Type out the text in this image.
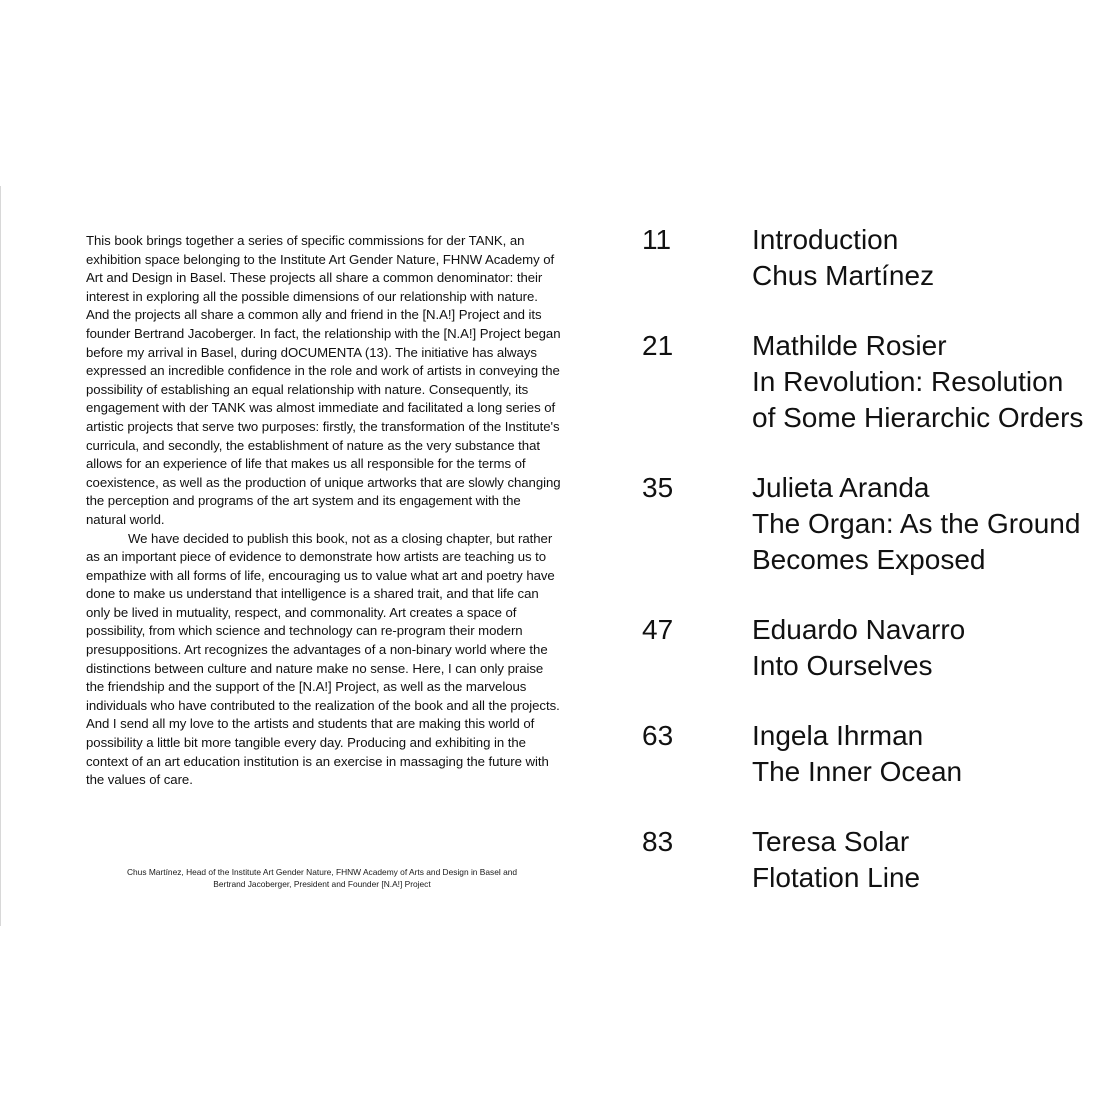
This book brings together a series of specific commissions for der TANK, an exhibition space belonging to the Institute Art Gender Nature, FHNW Academy of Art and Design in Basel. These projects all share a common denominator: their interest in exploring all the possible dimensions of our relationship with nature. And the projects all share a common ally and friend in the [N.A!] Project and its founder Bertrand Jacoberger. In fact, the relationship with the [N.A!] Project began before my arrival in Basel, during dOCUMENTA (13). The initiative has always expressed an incredible confidence in the role and work of artists in conveying the possibility of establishing an equal relationship with nature. Consequently, its engagement with der TANK was almost immediate and facilitated a long series of artistic projects that serve two purposes: firstly, the transformation of the Institute's curricula, and secondly, the establishment of nature as the very substance that allows for an experience of life that makes us all responsible for the terms of coexistence, as well as the production of unique artworks that are slowly changing the perception and programs of the art system and its engagement with the natural world.

We have decided to publish this book, not as a closing chapter, but rather as an important piece of evidence to demonstrate how artists are teaching us to empathize with all forms of life, encouraging us to value what art and poetry have done to make us understand that intelligence is a shared trait, and that life can only be lived in mutuality, respect, and commonality. Art creates a space of possibility, from which science and technology can re-program their modern presuppositions. Art recognizes the advantages of a non-binary world where the distinctions between culture and nature make no sense. Here, I can only praise the friendship and the support of the [N.A!] Project, as well as the marvelous individuals who have contributed to the realization of the book and all the projects. And I send all my love to the artists and students that are making this world of possibility a little bit more tangible every day. Producing and exhibiting in the context of an art education institution is an exercise in massaging the future with the values of care.

Chus Martínez, Head of the Institute Art Gender Nature, FHNW Academy of Arts and Design in Basel and
Bertrand Jacoberger, President and Founder [N.A!] Project
11	Introduction
Chus Martínez
21	Mathilde Rosier
In Revolution: Resolution
of Some Hierarchic Orders
35	Julieta Aranda
The Organ: As the Ground
Becomes Exposed
47	Eduardo Navarro
Into Ourselves
63	Ingela Ihrman
The Inner Ocean
83	Teresa Solar
Flotation Line
